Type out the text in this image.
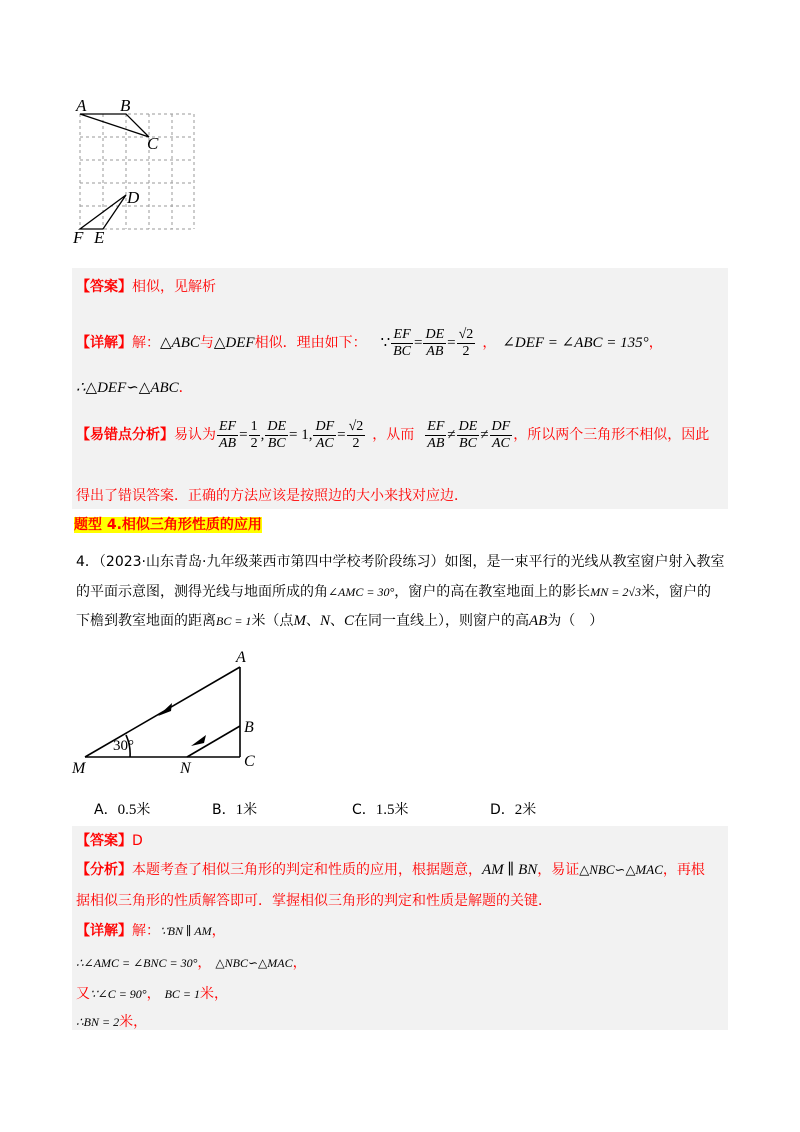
A B
C
D
F E
【答案】相似，见解析
【详解】 解： △ABC 与 △DEF 相似．理由如下： ∵ $\frac{EF}{BC} = \frac{DE}{AB} = \frac{√2}{2}$ ， ∠DEF = ∠ABC = 135° ，
∴△DEF∽△ABC．
【易错点分析】 易认为 $\frac{EF}{AB} = \frac{1}{2}$ , $\frac{DE}{BC} = 1$, $\frac{DF}{AC} = \frac{√2}{2}$ ，从而 $\frac{EF}{AB} \ne \frac{DE}{BC} \ne \frac{DF}{AC}$ ，所以两个三角形不相似，因此
得出了错误答案．正确的方法应该是按照边的大小来找对应边．
题型 4.相似三角形性质的应用
4．（2023·山东青岛·九年级莱西市第四中学校考阶段练习）如图，是一束平行的光线从教室窗户射入教室
的平面示意图，测得光线与地面所成的角∠AMC = 30°，窗户的高在教室地面上的影长MN = 2√3米，窗户的
下檐到教室地面的距离BC = 1米（点M、N、C在同一直线上），则窗户的高AB为（　）
A
B
C
M	N
30°
A．0.5米	B．1米	C．1.5米	D．2米
【答案】D
【分析】本题考查了相似三角形的判定和性质的应用，根据题意，AM ∥ BN，易证△NBC∽△MAC，再根
据相似三角形的性质解答即可．掌握相似三角形的判定和性质是解题的关键．
【详解】解：∵BN ∥ AM，
∴∠AMC = ∠BNC = 30°， △NBC∽△MAC，
又∵∠C = 90°， BC = 1米，
∴BN = 2米，
